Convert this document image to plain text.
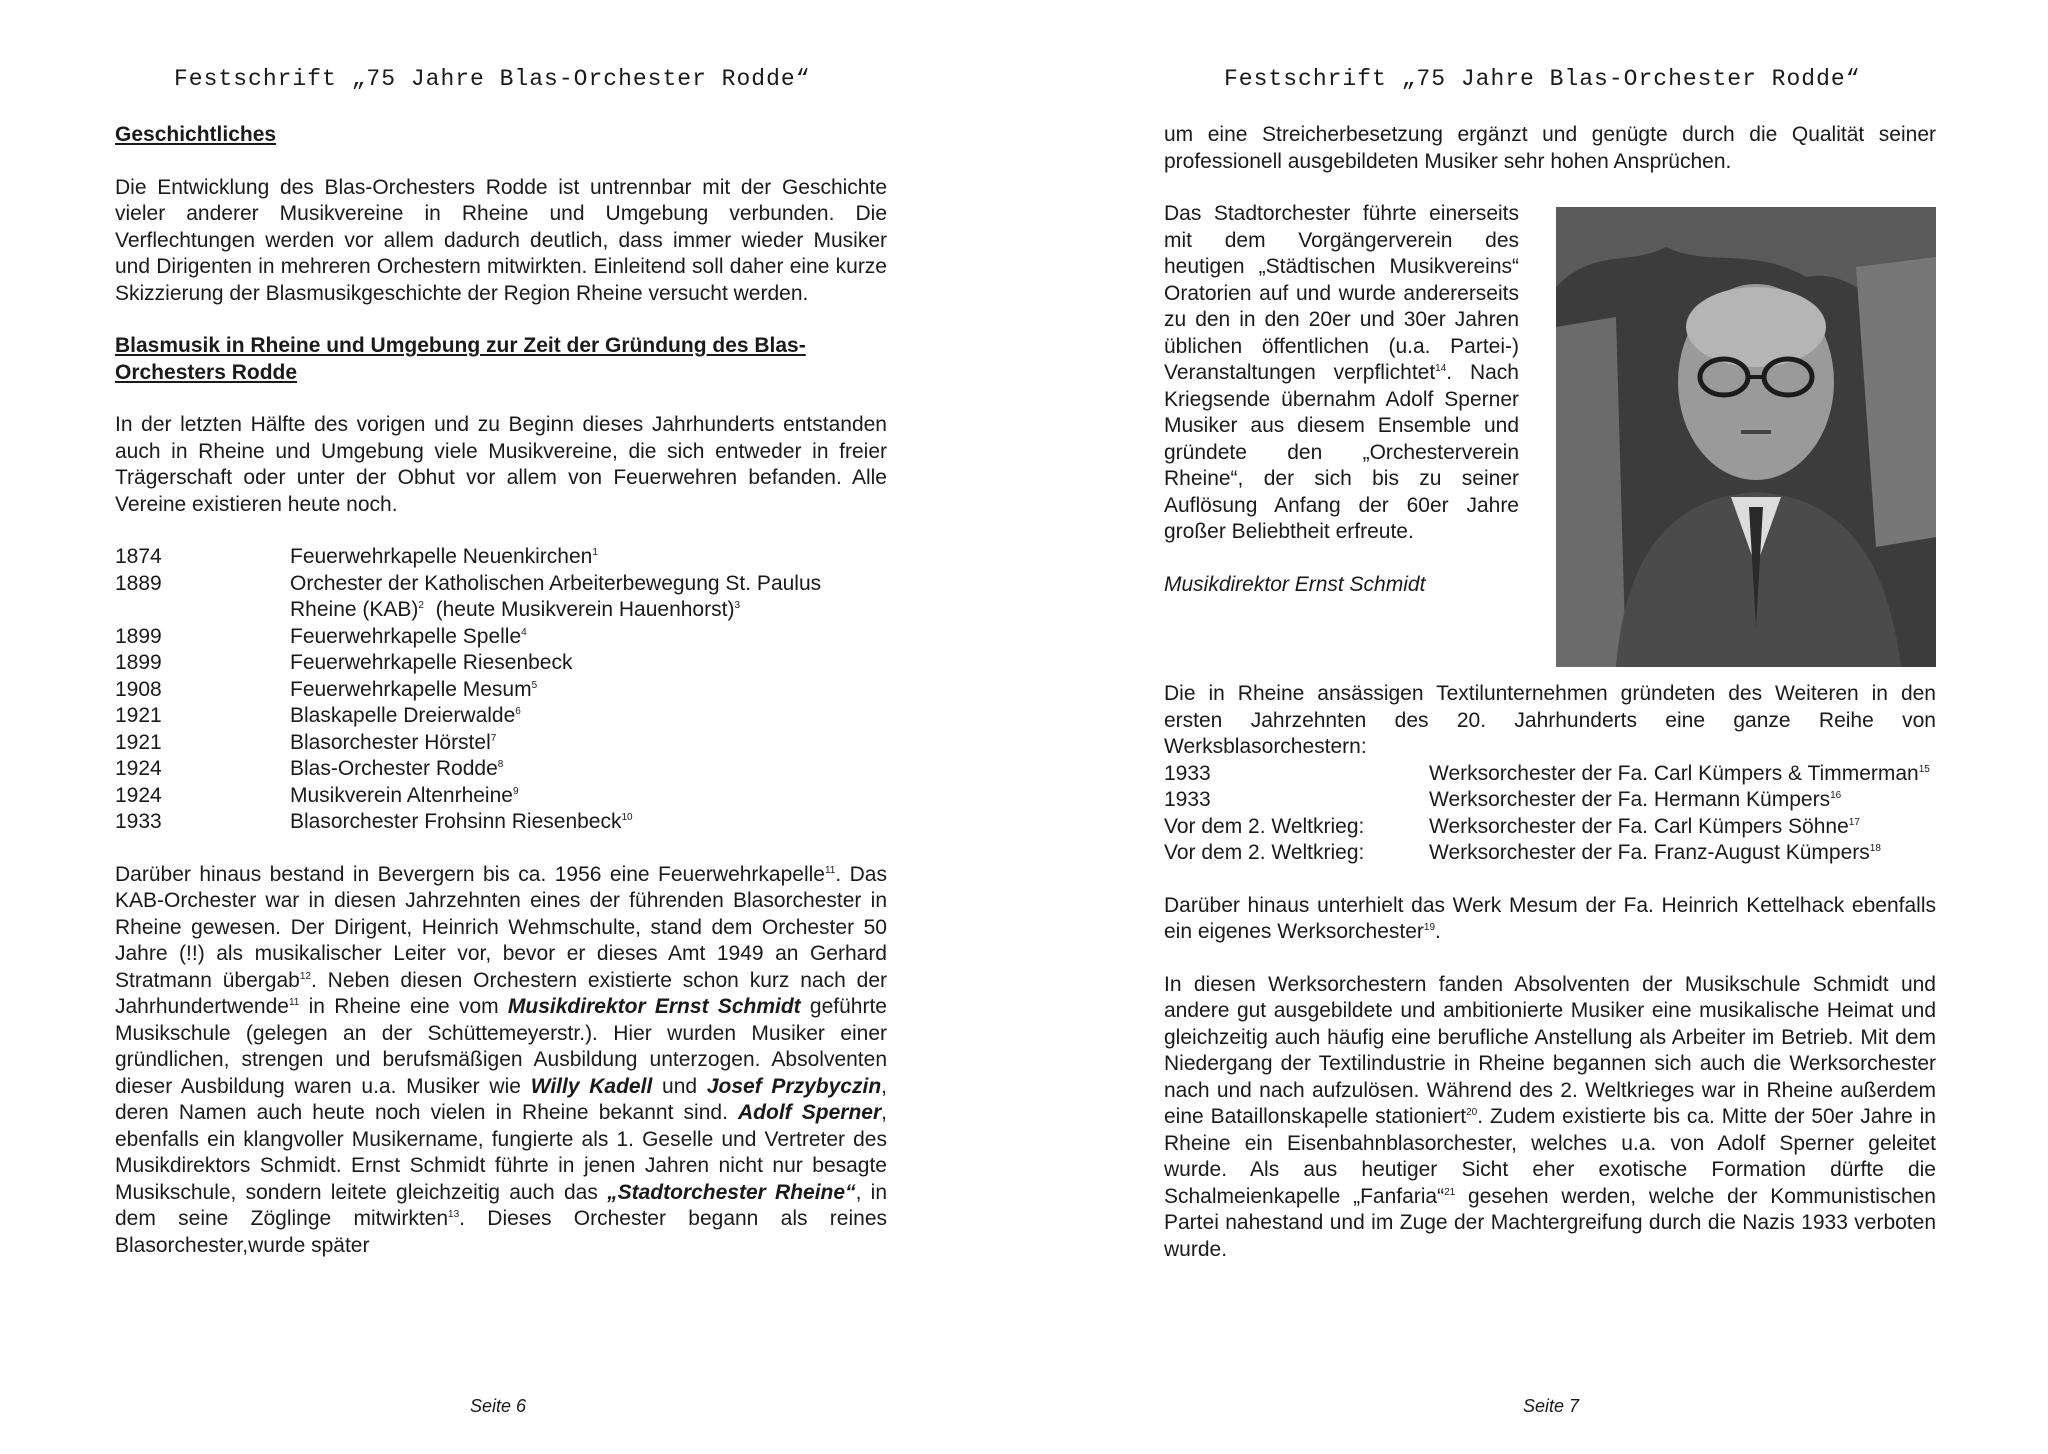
Festschrift „75 Jahre Blas-Orchester Rodde“

Geschichtliches

Die Entwicklung des Blas-Orchesters Rodde ist untrennbar mit der Geschichte vieler anderer Musikvereine in Rheine und Umgebung verbunden. Die Verflechtungen werden vor allem dadurch deutlich, dass immer wieder Musiker und Dirigenten in mehreren Orchestern mitwirkten. Einleitend soll daher eine kurze Skizzierung der Blasmusikgeschichte der Region Rheine versucht werden.

Blasmusik in Rheine und Umgebung zur Zeit der Gründung des Blas-Orchesters Rodde

In der letzten Hälfte des vorigen und zu Beginn dieses Jahrhunderts entstanden auch in Rheine und Umgebung viele Musikvereine, die sich entweder in freier Trägerschaft oder unter der Obhut vor allem von Feuerwehren befanden. Alle Vereine existieren heute noch.

1874	Feuerwehrkapelle Neuenkirchen$^1$
1889	Orchester der Katholischen Arbeiterbewegung St. Paulus Rheine (KAB)$^2$  (heute Musikverein Hauenhorst)$^3$
1899	Feuerwehrkapelle Spelle$^4$
1899	Feuerwehrkapelle Riesenbeck
1908	Feuerwehrkapelle Mesum$^5$
1921	Blaskapelle Dreierwalde$^6$
1921	Blasorchester Hörstel$^7$
1924	Blas-Orchester Rodde$^8$
1924	Musikverein Altenrheine$^9$
1933	Blasorchester Frohsinn Riesenbeck$^{10}$

Darüber hinaus bestand in Bevergern bis ca. 1956 eine Feuerwehrkapelle$^{11}$. Das KAB-Orchester war in diesen Jahrzehnten eines der führenden Blasorchester in Rheine gewesen. Der Dirigent, Heinrich Wehmschulte, stand dem Orchester 50 Jahre (!!) als musikalischer Leiter vor, bevor er dieses Amt 1949 an Gerhard Stratmann übergab$^{12}$. Neben diesen Orchestern existierte schon kurz nach der Jahrhundertwende$^{11}$ in Rheine eine vom Musikdirektor Ernst Schmidt geführte Musikschule (gelegen an der Schüttemeyerstr.). Hier wurden Musiker einer gründlichen, strengen und berufsmäßigen Ausbildung unterzogen. Absolventen dieser Ausbildung waren u.a. Musiker wie Willy Kadell und Josef Przybyczin, deren Namen auch heute noch vielen in Rheine bekannt sind. Adolf Sperner, ebenfalls ein klangvoller Musikername, fungierte als 1. Geselle und Vertreter des Musikdirektors Schmidt. Ernst Schmidt führte in jenen Jahren nicht nur besagte Musikschule, sondern leitete gleichzeitig auch das „Stadtorchester Rheine“, in dem seine Zöglinge mitwirkten$^{13}$. Dieses Orchester begann als reines Blasorchester,wurde später

Seite 6
Festschrift „75 Jahre Blas-Orchester Rodde“

um eine Streicherbesetzung ergänzt und genügte durch die Qualität seiner professionell ausgebildeten Musiker sehr hohen Ansprüchen.

Das Stadtorchester führte einerseits mit dem Vorgängerverein des heutigen „Städtischen Musikvereins“ Oratorien auf und wurde andererseits zu den in den 20er und 30er Jahren üblichen öffentlichen (u.a. Partei-) Veranstaltungen verpflichtet$^{14}$. Nach Kriegsende übernahm Adolf Sperner Musiker aus diesem Ensemble und gründete den „Orchesterverein Rheine“, der sich bis zu seiner Auflösung Anfang der 60er Jahre großer Beliebtheit erfreute.

Musikdirektor Ernst Schmidt

Die in Rheine ansässigen Textilunternehmen gründeten des Weiteren in den ersten Jahrzehnten des 20. Jahrhunderts eine ganze Reihe von Werksblasorchestern:

1933	Werksorchester der Fa. Carl Kümpers & Timmerman$^{15}$
1933	Werksorchester der Fa. Hermann Kümpers$^{16}$
Vor dem 2. Weltkrieg:	Werksorchester der Fa. Carl Kümpers Söhne$^{17}$
Vor dem 2. Weltkrieg:	Werksorchester der Fa. Franz-August Kümpers$^{18}$

Darüber hinaus unterhielt das Werk Mesum der Fa. Heinrich Kettelhack ebenfalls ein eigenes Werksorchester$^{19}$.

In diesen Werksorchestern fanden Absolventen der Musikschule Schmidt und andere gut ausgebildete und ambitionierte Musiker eine musikalische Heimat und gleichzeitig auch häufig eine berufliche Anstellung als Arbeiter im Betrieb. Mit dem Niedergang der Textilindustrie in Rheine begannen sich auch die Werksorchester nach und nach aufzulösen. Während des 2. Weltkrieges war in Rheine außerdem eine Bataillonskapelle stationiert$^{20}$. Zudem existierte bis ca. Mitte der 50er Jahre in Rheine ein Eisenbahnblasorchester, welches u.a. von Adolf Sperner geleitet wurde. Als aus heutiger Sicht eher exotische Formation dürfte die Schalmeienkapelle „Fanfaria“$^{21}$ gesehen werden, welche der Kommunistischen Partei nahestand und im Zuge der Machtergreifung durch die Nazis 1933 verboten wurde.

Seite 7
